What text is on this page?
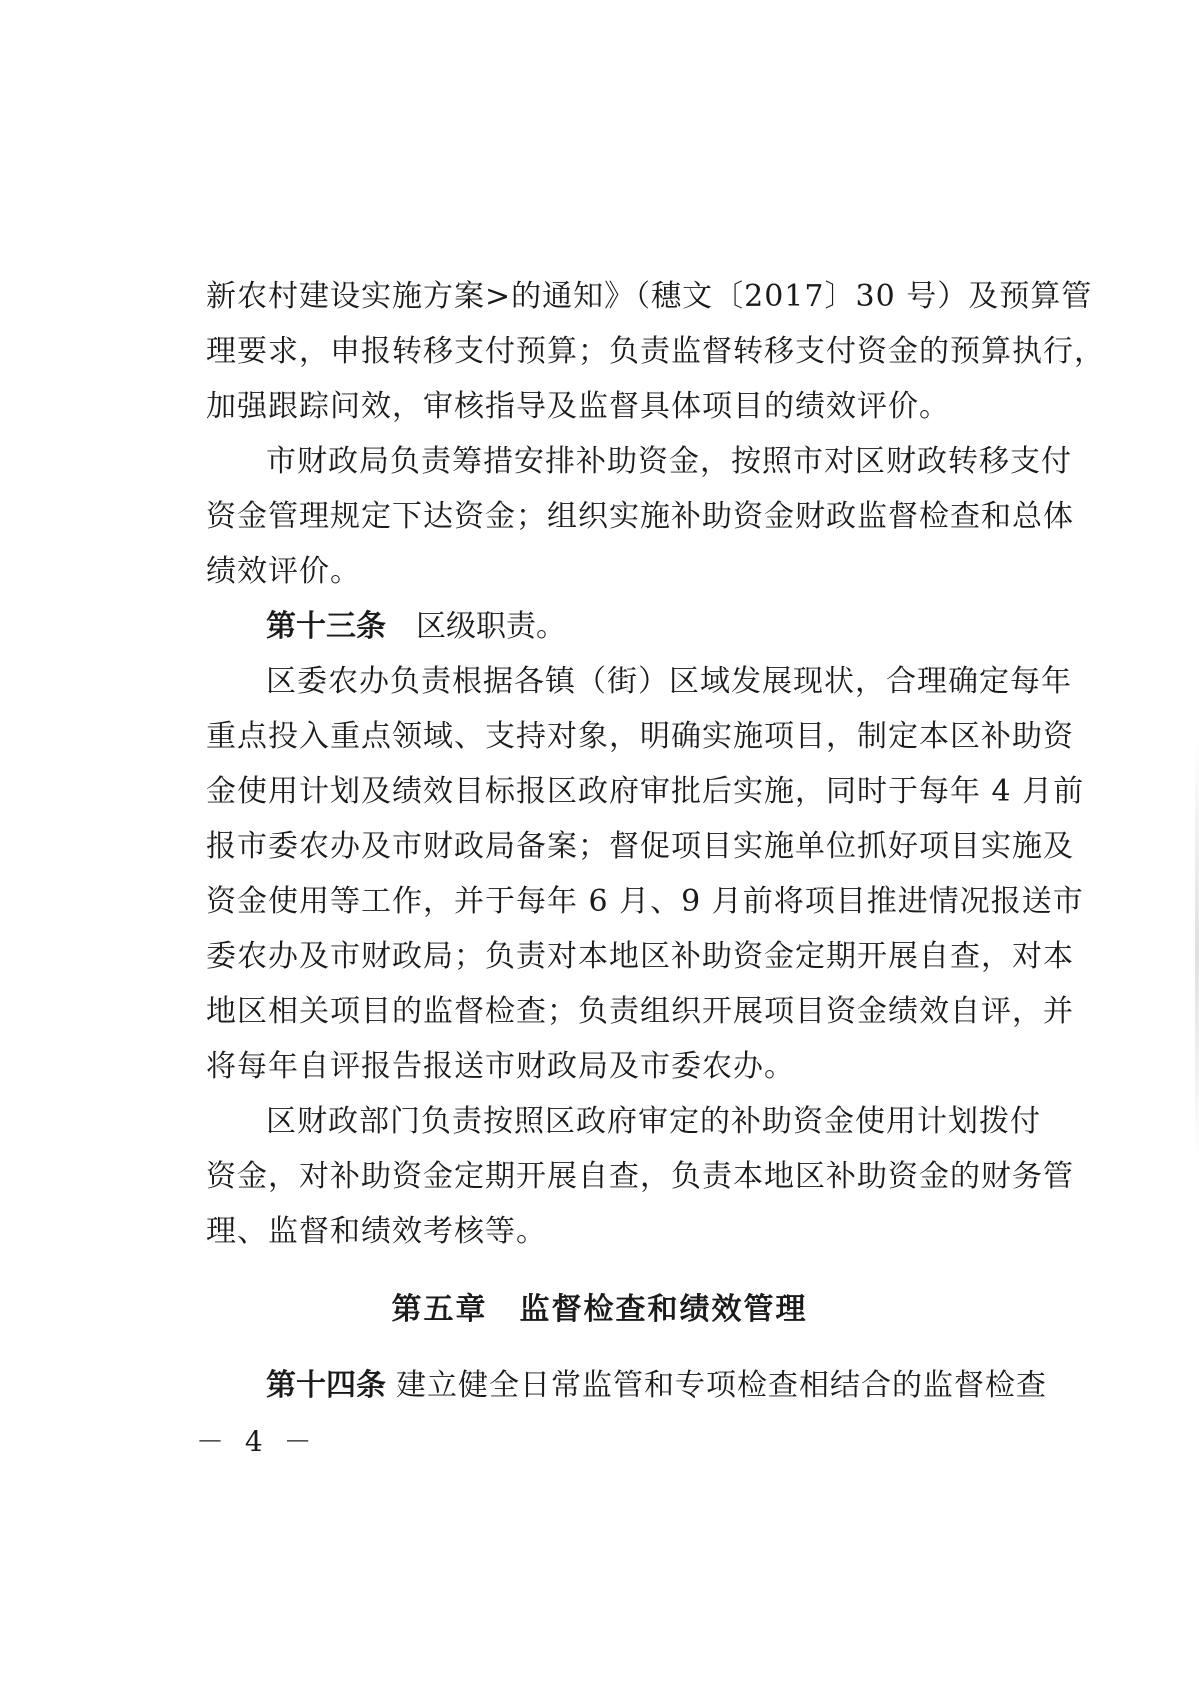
新农村建设实施方案>的通知》（穗文〔2017〕30 号）及预算管
理要求，申报转移支付预算；负责监督转移支付资金的预算执行，
加强跟踪问效，审核指导及监督具体项目的绩效评价。
市财政局负责筹措安排补助资金，按照市对区财政转移支付
资金管理规定下达资金；组织实施补助资金财政监督检查和总体
绩效评价。
第十三条 区级职责。
区委农办负责根据各镇（街）区域发展现状，合理确定每年
重点投入重点领域、支持对象，明确实施项目，制定本区补助资
金使用计划及绩效目标报区政府审批后实施，同时于每年 4 月前
报市委农办及市财政局备案；督促项目实施单位抓好项目实施及
资金使用等工作，并于每年 6 月、9 月前将项目推进情况报送市
委农办及市财政局；负责对本地区补助资金定期开展自查，对本
地区相关项目的监督检查；负责组织开展项目资金绩效自评，并
将每年自评报告报送市财政局及市委农办。
区财政部门负责按照区政府审定的补助资金使用计划拨付
资金，对补助资金定期开展自查，负责本地区补助资金的财务管
理、监督和绩效考核等。
第五章　监督检查和绩效管理
第十四条 建立健全日常监管和专项检查相结合的监督检查
－ 4 －
